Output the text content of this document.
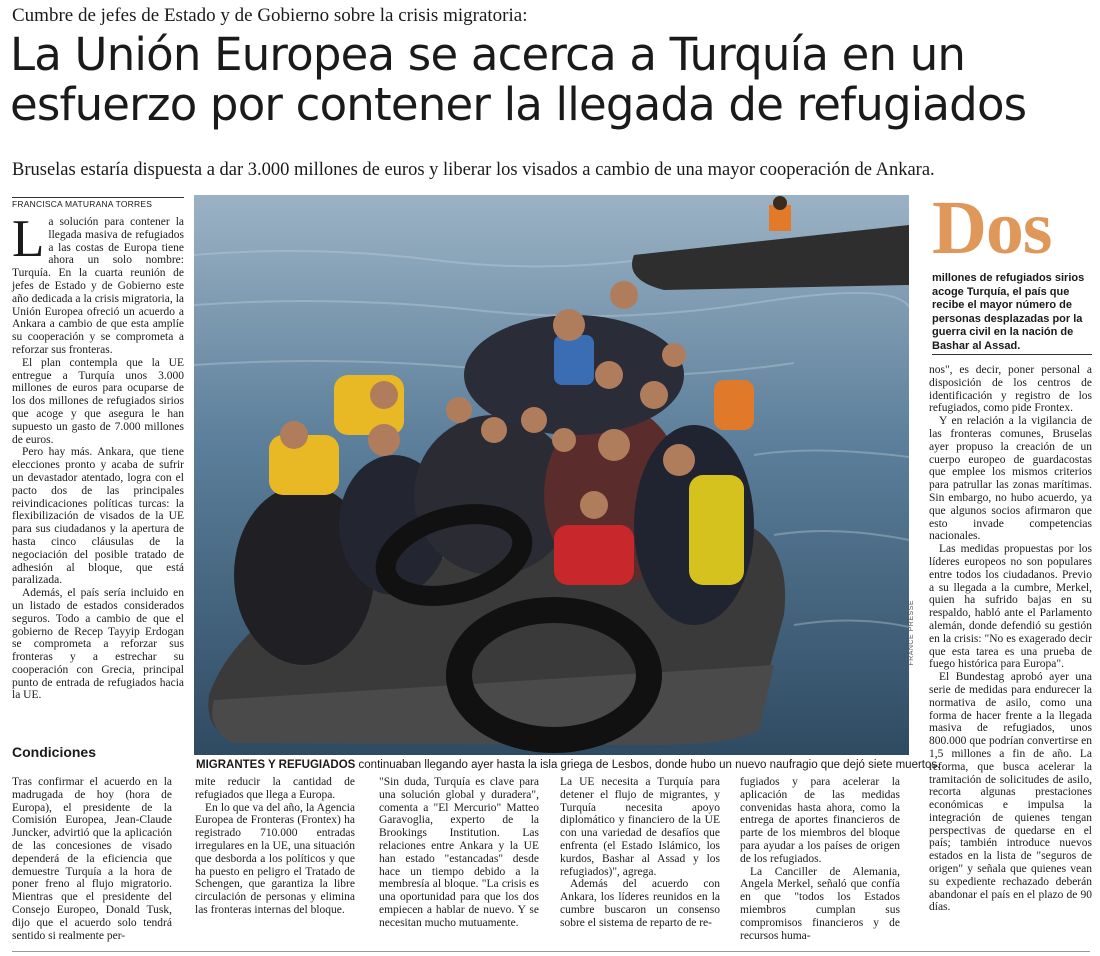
Cumbre de jefes de Estado y de Gobierno sobre la crisis migratoria:
La Unión Europea se acerca a Turquía en un esfuerzo por contener la llegada de refugiados
Bruselas estaría dispuesta a dar 3.000 millones de euros y liberar los visados a cambio de una mayor cooperación de Ankara.
FRANCISCA MATURANA TORRES
L a solución para contener la llegada masiva de refugiados a las costas de Europa tiene ahora un solo nombre: Turquía. En la cuarta reunión de jefes de Estado y de Gobierno este año dedicada a la crisis migratoria, la Unión Europea ofreció un acuerdo a Ankara a cambio de que esta amplíe su cooperación y se comprometa a reforzar sus fronteras.

El plan contempla que la UE entregue a Turquía unos 3.000 millones de euros para ocuparse de los dos millones de refugiados sirios que acoge y que asegura le han supuesto un gasto de 7.000 millones de euros.

Pero hay más. Ankara, que tiene elecciones pronto y acaba de sufrir un devastador atentado, logra con el pacto dos de las principales reivindicaciones políticas turcas: la flexibilización de visados de la UE para sus ciudadanos y la apertura de hasta cinco cláusulas de la negociación del posible tratado de adhesión al bloque, que está paralizada.

Además, el país sería incluido en un listado de estados considerados seguros. Todo a cambio de que el gobierno de Recep Tayyip Erdogan se comprometa a reforzar sus fronteras y a estrechar su cooperación con Grecia, principal punto de entrada de refugiados hacia la UE.

Condiciones
FRANCE PRESSE
MIGRANTES Y REFUGIADOS continuaban llegando ayer hasta la isla griega de Lesbos, donde hubo un nuevo naufragio que dejó siete muertos.
Dos
millones de refugiados sirios acoge Turquía, el país que recibe el mayor número de personas desplazadas por la guerra civil en la nación de Bashar al Assad.

nos", es decir, poner personal a disposición de los centros de identificación y registro de los refugiados, como pide Frontex.

Y en relación a la vigilancia de las fronteras comunes, Bruselas ayer propuso la creación de un cuerpo europeo de guardacostas que emplee los mismos criterios para patrullar las zonas marítimas. Sin embargo, no hubo acuerdo, ya que algunos socios afirmaron que esto invade competencias nacionales.

Las medidas propuestas por los líderes europeos no son populares entre todos los ciudadanos. Previo a su llegada a la cumbre, Merkel, quien ha sufrido bajas en su respaldo, habló ante el Parlamento alemán, donde defendió su gestión en la crisis: "No es exagerado decir que esta tarea es una prueba de fuego histórica para Europa".

El Bundestag aprobó ayer una serie de medidas para endurecer la normativa de asilo, como una forma de hacer frente a la llegada masiva de refugiados, unos 800.000 que podrían convertirse en 1,5 millones a fin de año. La reforma, que busca acelerar la tramitación de solicitudes de asilo, recorta algunas prestaciones económicas e impulsa la integración de quienes tengan perspectivas de quedarse en el país; también introduce nuevos estados en la lista de "seguros de origen" y señala que quienes vean su expediente rechazado deberán abandonar el país en el plazo de 90 días.

Tras confirmar el acuerdo en la madrugada de hoy (hora de Europa), el presidente de la Comisión Europea, Jean-Claude Juncker, advirtió que la aplicación de las concesiones de visado dependerá de la eficiencia que demuestre Turquía a la hora de poner freno al flujo migratorio. Mientras que el presidente del Consejo Europeo, Donald Tusk, dijo que el acuerdo solo tendrá sentido si realmente per-

mite reducir la cantidad de refugiados que llega a Europa.

En lo que va del año, la Agencia Europea de Fronteras (Frontex) ha registrado 710.000 entradas irregulares en la UE, una situación que desborda a los políticos y que ha puesto en peligro el Tratado de Schengen, que garantiza la libre circulación de personas y elimina las fronteras internas del bloque.

"Sin duda, Turquía es clave para una solución global y duradera", comenta a "El Mercurio" Matteo Garavoglia, experto de la Brookings Institution. Las relaciones entre Ankara y la UE han estado "estancadas" desde hace un tiempo debido a la membresía al bloque. "La crisis es una oportunidad para que los dos empiecen a hablar de nuevo. Y se necesitan mucho mutuamente.

La UE necesita a Turquía para detener el flujo de migrantes, y Turquía necesita apoyo diplomático y financiero de la UE con una variedad de desafíos que enfrenta (el Estado Islámico, los kurdos, Bashar al Assad y los refugiados)", agrega.

Además del acuerdo con Ankara, los líderes reunidos en la cumbre buscaron un consenso sobre el sistema de reparto de re-

fugiados y para acelerar la aplicación de las medidas convenidas hasta ahora, como la entrega de aportes financieros de parte de los miembros del bloque para ayudar a los países de origen de los refugiados.

La Canciller de Alemania, Angela Merkel, señaló que confía en que "todos los Estados miembros cumplan sus compromisos financieros y de recursos huma-
